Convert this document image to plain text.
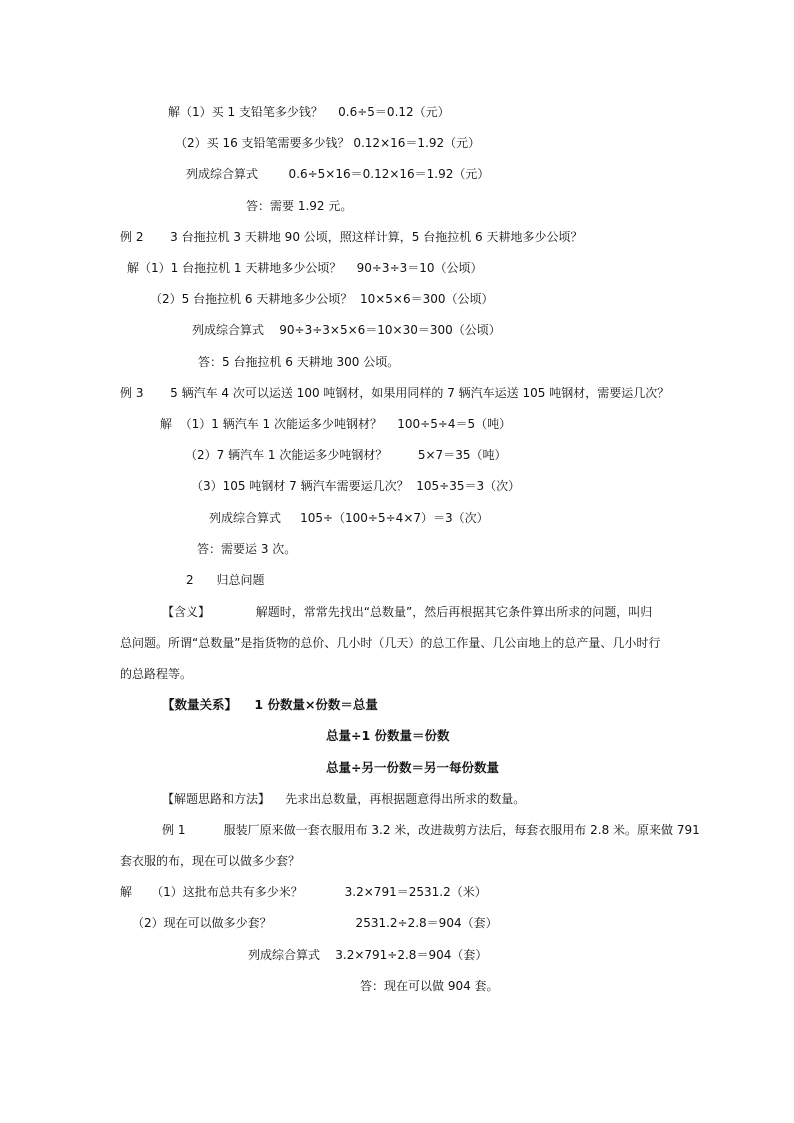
解（1）买 1 支铅笔多少钱？    0.6÷5＝0.12（元）
（2）买 16 支铅笔需要多少钱？ 0.12×16＝1.92（元）
列成综合算式        0.6÷5×16＝0.12×16＝1.92（元）
答：需要 1.92 元。
例 2       3 台拖拉机 3 天耕地 90 公顷，照这样计算，5 台拖拉机 6 天耕地多少公顷？
解（1）1 台拖拉机 1 天耕地多少公顷？    90÷3÷3＝10（公顷）
（2）5 台拖拉机 6 天耕地多少公顷？  10×5×6＝300（公顷）
列成综合算式    90÷3÷3×5×6＝10×30＝300（公顷）
答：5 台拖拉机 6 天耕地 300 公顷。
例 3       5 辆汽车 4 次可以运送 100 吨钢材，如果用同样的 7 辆汽车运送 105 吨钢材，需要运几次？
解  （1）1 辆汽车 1 次能运多少吨钢材？    100÷5÷4＝5（吨）
（2）7 辆汽车 1 次能运多少吨钢材？        5×7＝35（吨）
（3）105 吨钢材 7 辆汽车需要运几次？  105÷35＝3（次）
列成综合算式     105÷（100÷5÷4×7）＝3（次）
答：需要运 3 次。
2      归总问题
【含义】            解题时，常常先找出“总数量”，然后再根据其它条件算出所求的问题，叫归
总问题。所谓“总数量”是指货物的总价、几小时（几天）的总工作量、几公亩地上的总产量、几小时行
的总路程等。
【数量关系】    1 份数量×份数＝总量
总量÷1 份数量＝份数
总量÷另一份数＝另一每份数量
【解题思路和方法】    先求出总数量，再根据题意得出所求的数量。
例 1          服装厂原来做一套衣服用布 3.2 米，改进裁剪方法后，每套衣服用布 2.8 米。原来做 791
套衣服的布，现在可以做多少套？
解     （1）这批布总共有多少米？           3.2×791＝2531.2（米）
（2）现在可以做多少套？                      2531.2÷2.8＝904（套）
列成综合算式    3.2×791÷2.8＝904（套）
答：现在可以做 904 套。
